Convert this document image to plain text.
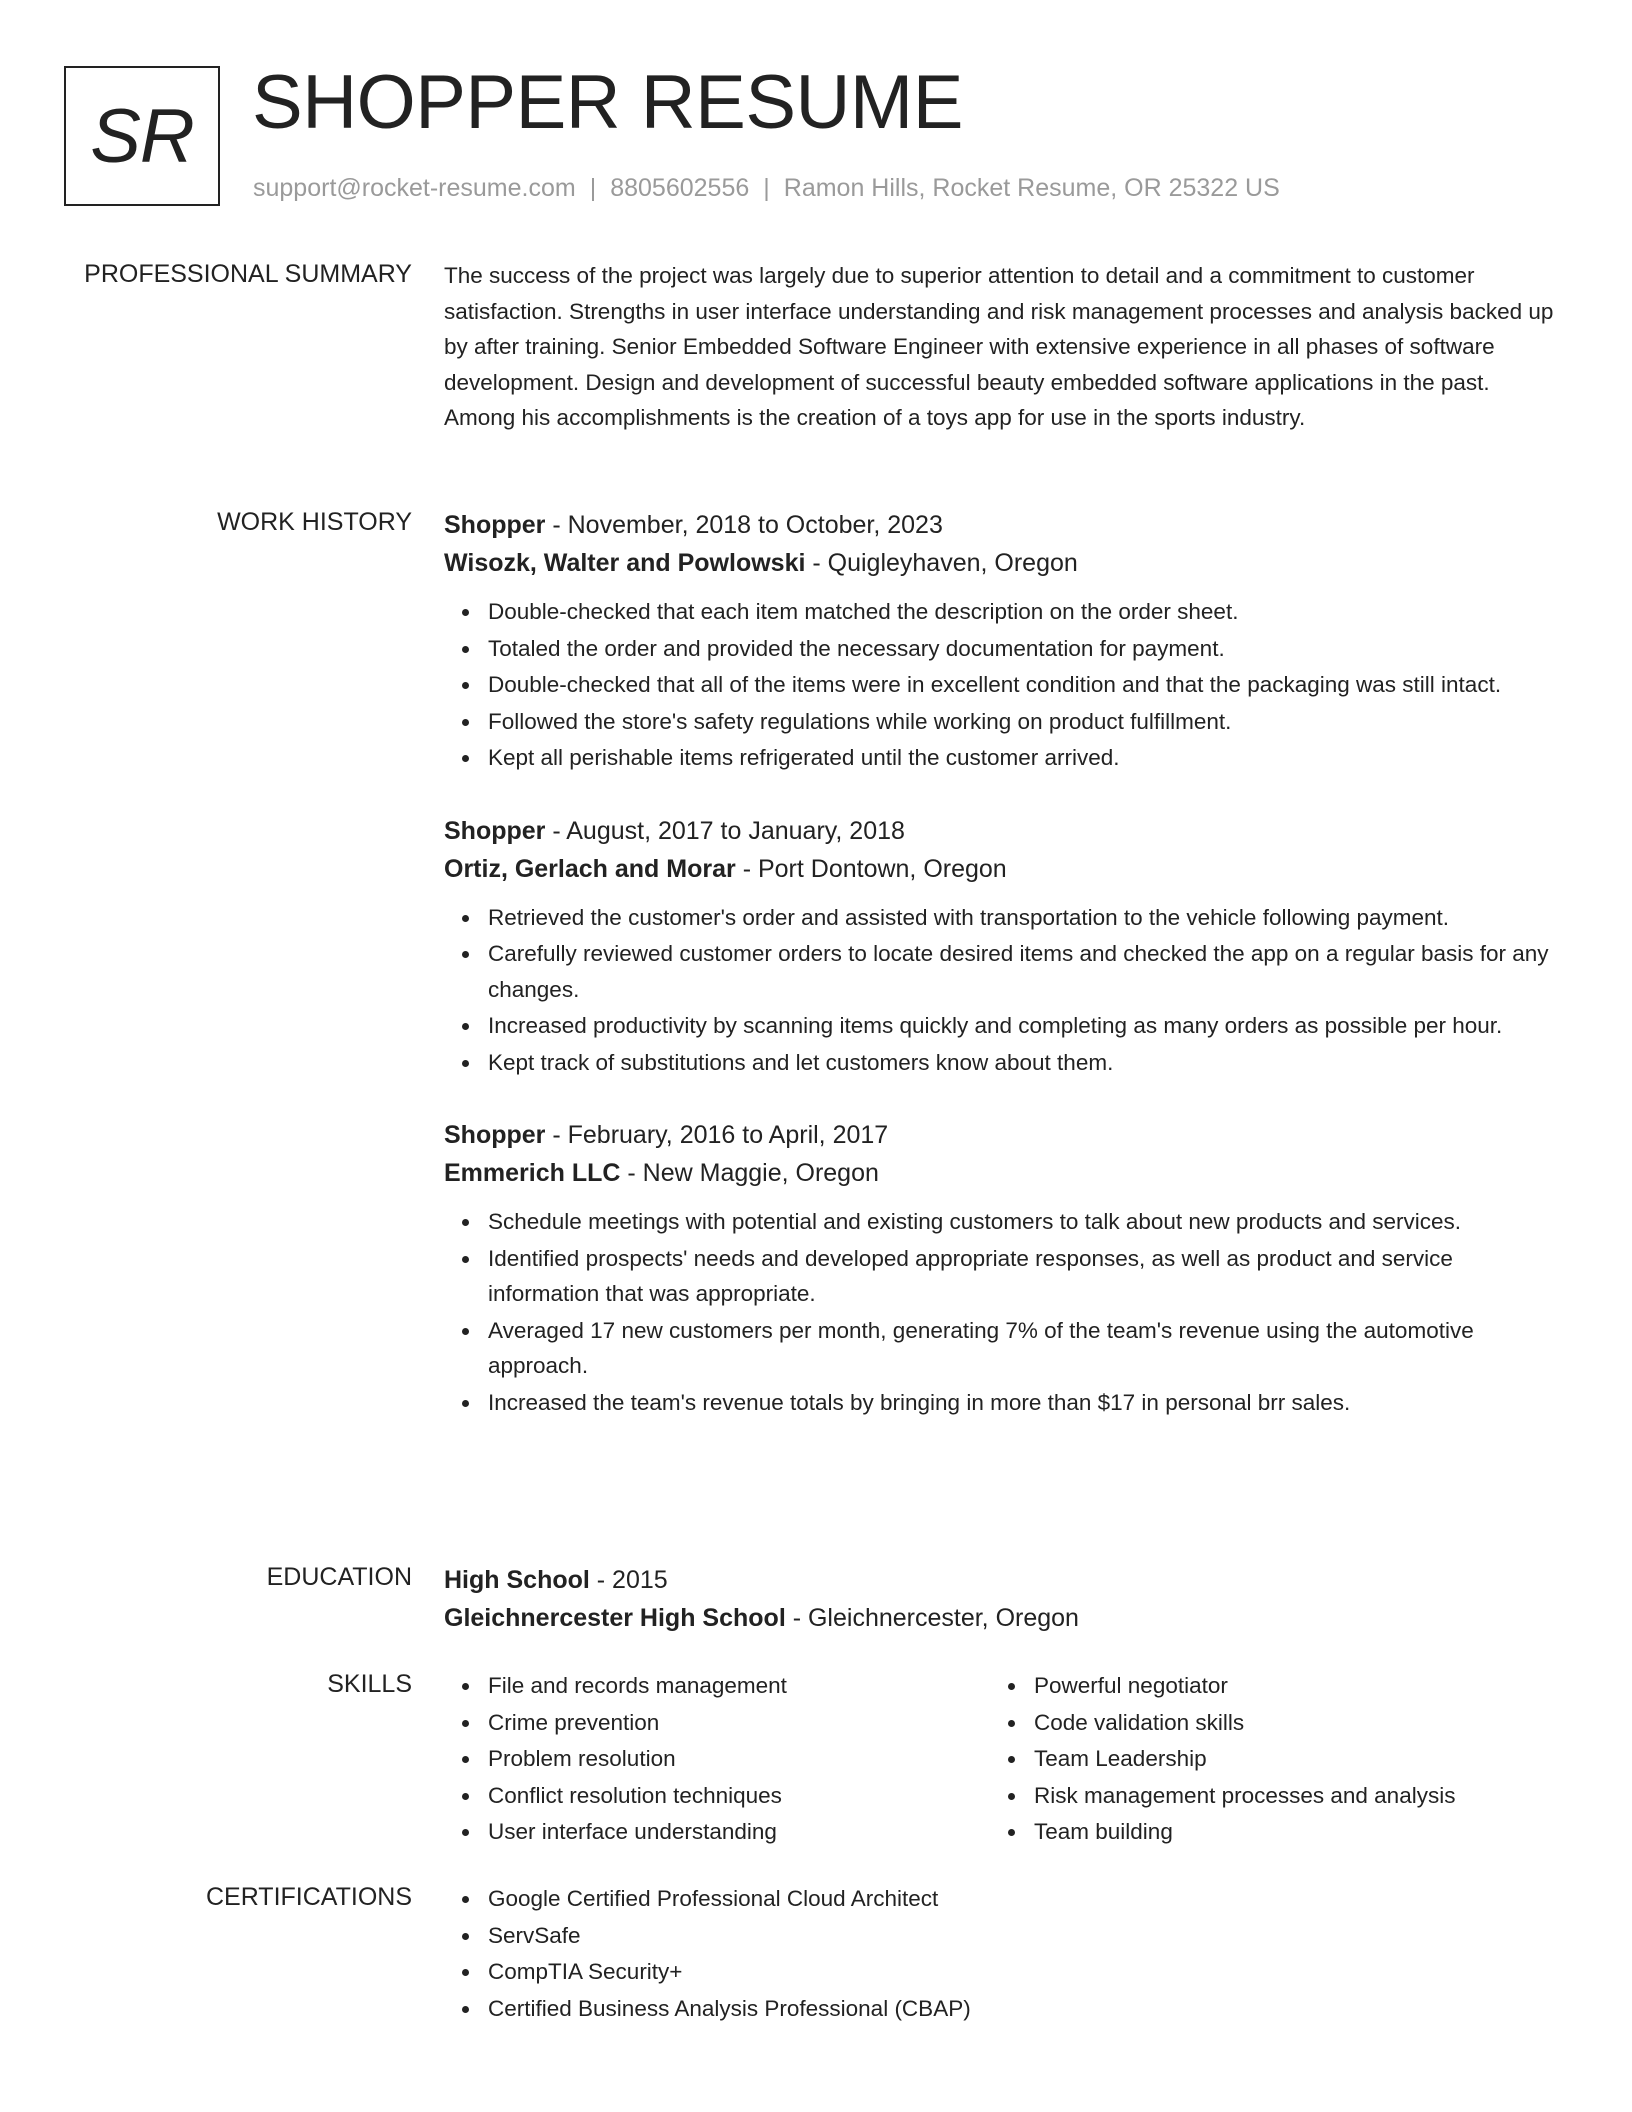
SR SHOPPER RESUME
support@rocket-resume.com | 8805602556 | Ramon Hills, Rocket Resume, OR 25322 US
PROFESSIONAL SUMMARY The success of the project was largely due to superior attention to detail and a commitment to customer satisfaction. Strengths in user interface understanding and risk management processes and analysis backed up by after training. Senior Embedded Software Engineer with extensive experience in all phases of software development. Design and development of successful beauty embedded software applications in the past. Among his accomplishments is the creation of a toys app for use in the sports industry.

WORK HISTORY Shopper - November, 2018 to October, 2023

Wisozk, Walter and Powlowski - Quigleyhaven, Oregon

Double-checked that each item matched the description on the order sheet.
Totaled the order and provided the necessary documentation for payment.
Double-checked that all of the items were in excellent condition and that the packaging was still intact.
Followed the store's safety regulations while working on product fulfillment.
Kept all perishable items refrigerated until the customer arrived.

Shopper - August, 2017 to January, 2018

Ortiz, Gerlach and Morar - Port Dontown, Oregon

Retrieved the customer's order and assisted with transportation to the vehicle following payment.
Carefully reviewed customer orders to locate desired items and checked the app on a regular basis for any changes.
Increased productivity by scanning items quickly and completing as many orders as possible per hour.
Kept track of substitutions and let customers know about them.

Shopper - February, 2016 to April, 2017

Emmerich LLC - New Maggie, Oregon

Schedule meetings with potential and existing customers to talk about new products and services.
Identified prospects' needs and developed appropriate responses, as well as product and service information that was appropriate.
Averaged 17 new customers per month, generating 7% of the team's revenue using the automotive approach.
Increased the team's revenue totals by bringing in more than $17 in personal brr sales.
EDUCATION High School - 2015

Gleichnercester High School - Gleichnercester, Oregon

SKILLS	File and records management
Crime prevention
Problem resolution
Conflict resolution techniques
User interface understanding
Powerful negotiator
Code validation skills
Team Leadership
Risk management processes and analysis
Team building
CERTIFICATIONS	Google Certified Professional Cloud Architect
ServSafe
CompTIA Security+
Certified Business Analysis Professional (CBAP)
